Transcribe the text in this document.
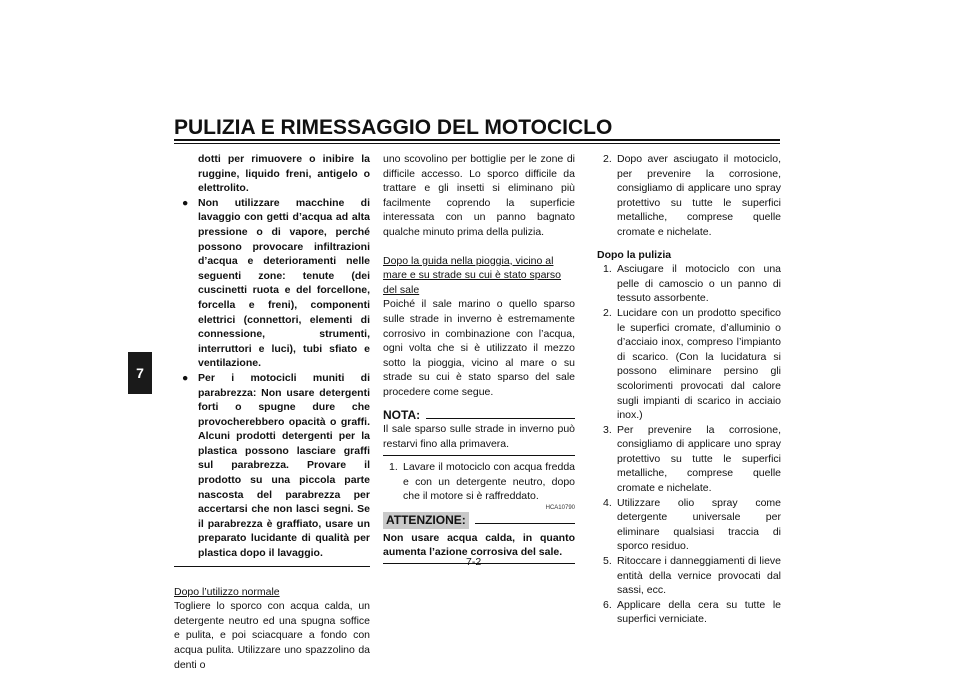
PULIZIA E RIMESSAGGIO DEL MOTOCICLO
7

dotti per rimuovere o inibire la ruggine, liquido freni, antigelo o elettrolito.

● Non utilizzare macchine di lavaggio con getti d’acqua ad alta pressione o di vapore, perché possono provocare infiltrazioni d’acqua e deterioramenti nelle seguenti zone: tenute (dei cuscinetti ruota e del forcellone, forcella e freni), componenti elettrici (connettori, elementi di connessione, strumenti, interruttori e luci), tubi sfiato e ventilazione.
● Per i motocicli muniti di parabrezza: Non usare detergenti forti o spugne dure che provocherebbero opacità o graffi. Alcuni prodotti detergenti per la plastica possono lasciare graffi sul parabrezza. Provare il prodotto su una piccola parte nascosta del parabrezza per accertarsi che non lasci segni. Se il parabrezza è graffiato, usare un preparato lucidante di qualità per plastica dopo il lavaggio.

Dopo l’utilizzo normale

Togliere lo sporco con acqua calda, un detergente neutro ed una spugna soffice e pulita, e poi sciacquare a fondo con acqua pulita. Utilizzare uno spazzolino da denti o

uno scovolino per bottiglie per le zone di difficile accesso. Lo sporco difficile da trattare e gli insetti si eliminano più facilmente coprendo la superficie interessata con un panno bagnato qualche minuto prima della pulizia.

Dopo la guida nella pioggia, vicino al mare e su strade su cui è stato sparso del sale

Poiché il sale marino o quello sparso sulle strade in inverno è estremamente corrosivo in combinazione con l’acqua, ogni volta che si è utilizzato il mezzo sotto la pioggia, vicino al mare o su strade su cui è stato sparso del sale procedere come segue.

NOTA:

Il sale sparso sulle strade in inverno può restarvi fino alla primavera.

1. Lavare il motociclo con acqua fredda e con un detergente neutro, dopo che il motore si è raffreddato.
HCA10790
ATTENZIONE:

Non usare acqua calda, in quanto aumenta l’azione corrosiva del sale.

2. Dopo aver asciugato il motociclo, per prevenire la corrosione, consigliamo di applicare uno spray protettivo su tutte le superfici metalliche, comprese quelle cromate e nichelate.

Dopo la pulizia

1. Asciugare il motociclo con una pelle di camoscio o un panno di tessuto assorbente.
2. Lucidare con un prodotto specifico le superfici cromate, d’alluminio o d’acciaio inox, compreso l’impianto di scarico. (Con la lucidatura si possono eliminare persino gli scolorimenti provocati dal calore sugli impianti di scarico in acciaio inox.)
3. Per prevenire la corrosione, consigliamo di applicare uno spray protettivo su tutte le superfici metalliche, comprese quelle cromate e nichelate.
4. Utilizzare olio spray come detergente universale per eliminare qualsiasi traccia di sporco residuo.
5. Ritoccare i danneggiamenti di lieve entità della vernice provocati dal sassi, ecc.
6. Applicare della cera su tutte le superfici verniciate.
7-2
